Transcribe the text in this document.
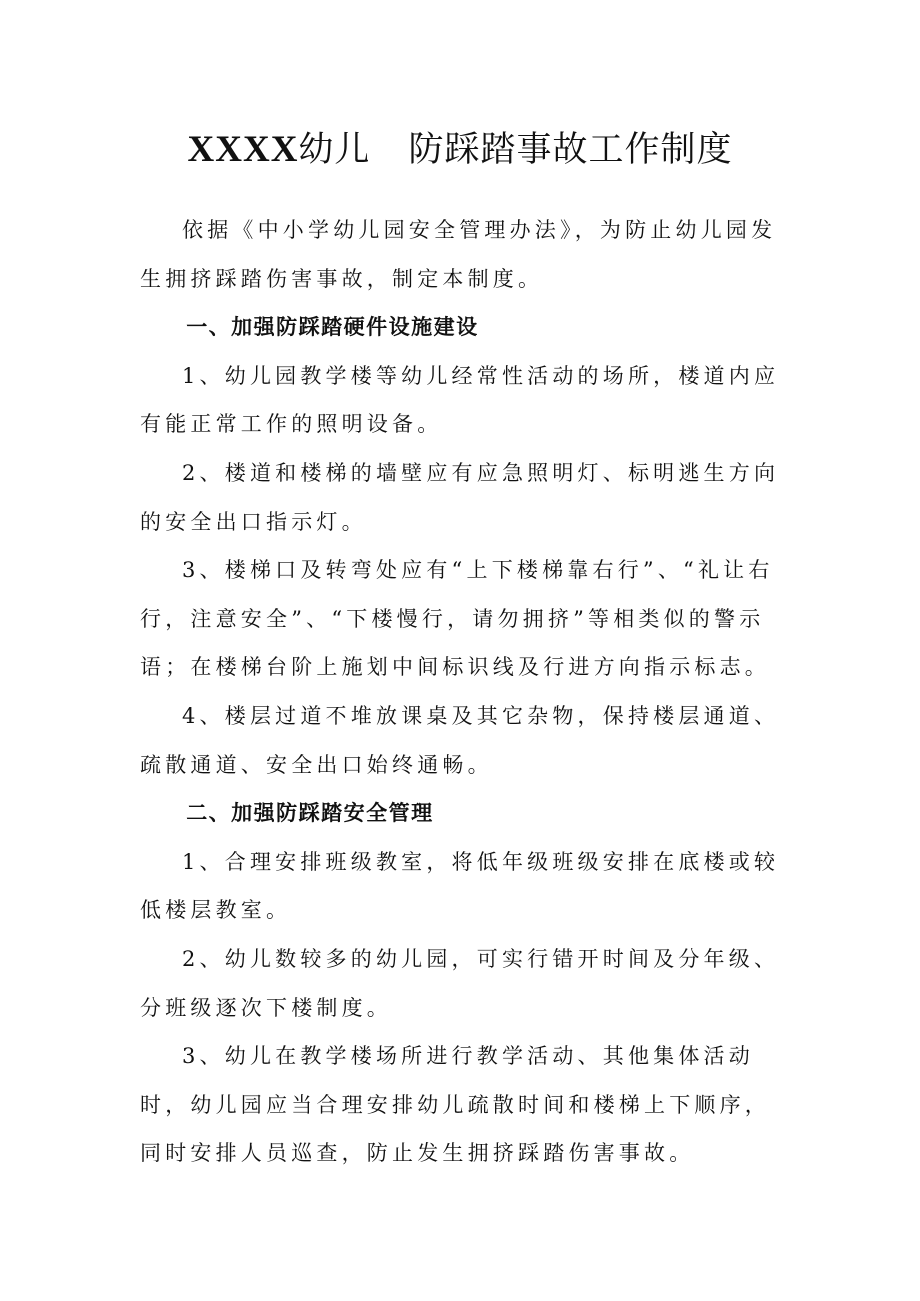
XXXX幼儿 防踩踏事故工作制度

依据《中小学幼儿园安全管理办法》，为防止幼儿园发生拥挤踩踏伤害事故，制定本制度。

一、加强防踩踏硬件设施建设

1、幼儿园教学楼等幼儿经常性活动的场所，楼道内应有能正常工作的照明设备。

2、楼道和楼梯的墙壁应有应急照明灯、标明逃生方向的安全出口指示灯。

3、楼梯口及转弯处应有“上下楼梯靠右行”、“礼让右行，注意安全”、“下楼慢行，请勿拥挤”等相类似的警示语；在楼梯台阶上施划中间标识线及行进方向指示标志。

4、楼层过道不堆放课桌及其它杂物，保持楼层通道、疏散通道、安全出口始终通畅。

二、加强防踩踏安全管理

1、合理安排班级教室，将低年级班级安排在底楼或较低楼层教室。

2、幼儿数较多的幼儿园，可实行错开时间及分年级、分班级逐次下楼制度。

3、幼儿在教学楼场所进行教学活动、其他集体活动时，幼儿园应当合理安排幼儿疏散时间和楼梯上下顺序，同时安排人员巡查，防止发生拥挤踩踏伤害事故。
